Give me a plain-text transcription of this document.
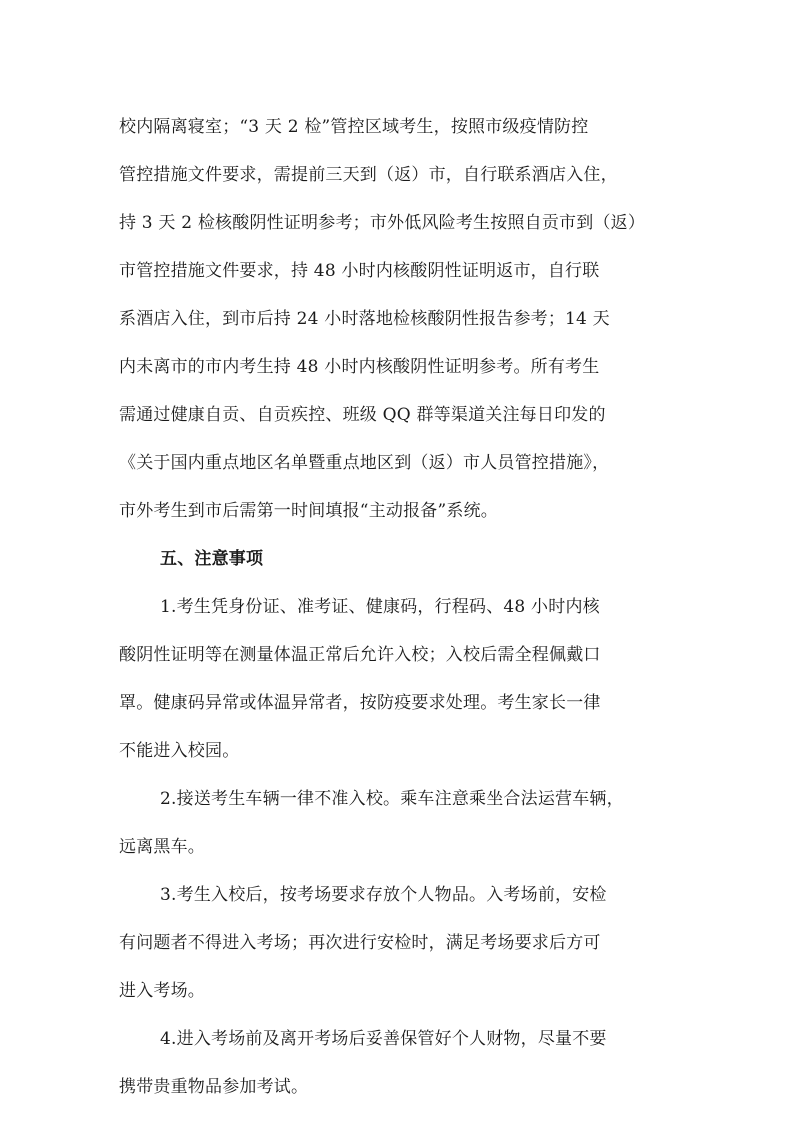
校内隔离寝室；“3 天 2 检”管控区域考生，按照市级疫情防控
管控措施文件要求，需提前三天到（返）市，自行联系酒店入住，
持 3 天 2 检核酸阴性证明参考；市外低风险考生按照自贡市到（返）
市管控措施文件要求，持 48 小时内核酸阴性证明返市，自行联
系酒店入住，到市后持 24 小时落地检核酸阴性报告参考；14 天
内未离市的市内考生持 48 小时内核酸阴性证明参考。所有考生
需通过健康自贡、自贡疾控、班级 QQ 群等渠道关注每日印发的
《关于国内重点地区名单暨重点地区到（返）市人员管控措施》，
市外考生到市后需第一时间填报“主动报备”系统。
五、注意事项
1.考生凭身份证、准考证、健康码，行程码、48 小时内核
酸阴性证明等在测量体温正常后允许入校；入校后需全程佩戴口
罩。健康码异常或体温异常者，按防疫要求处理。考生家长一律
不能进入校园。
2.接送考生车辆一律不准入校。乘车注意乘坐合法运营车辆，
远离黑车。
3.考生入校后，按考场要求存放个人物品。入考场前，安检
有问题者不得进入考场；再次进行安检时，满足考场要求后方可
进入考场。
4.进入考场前及离开考场后妥善保管好个人财物，尽量不要
携带贵重物品参加考试。
